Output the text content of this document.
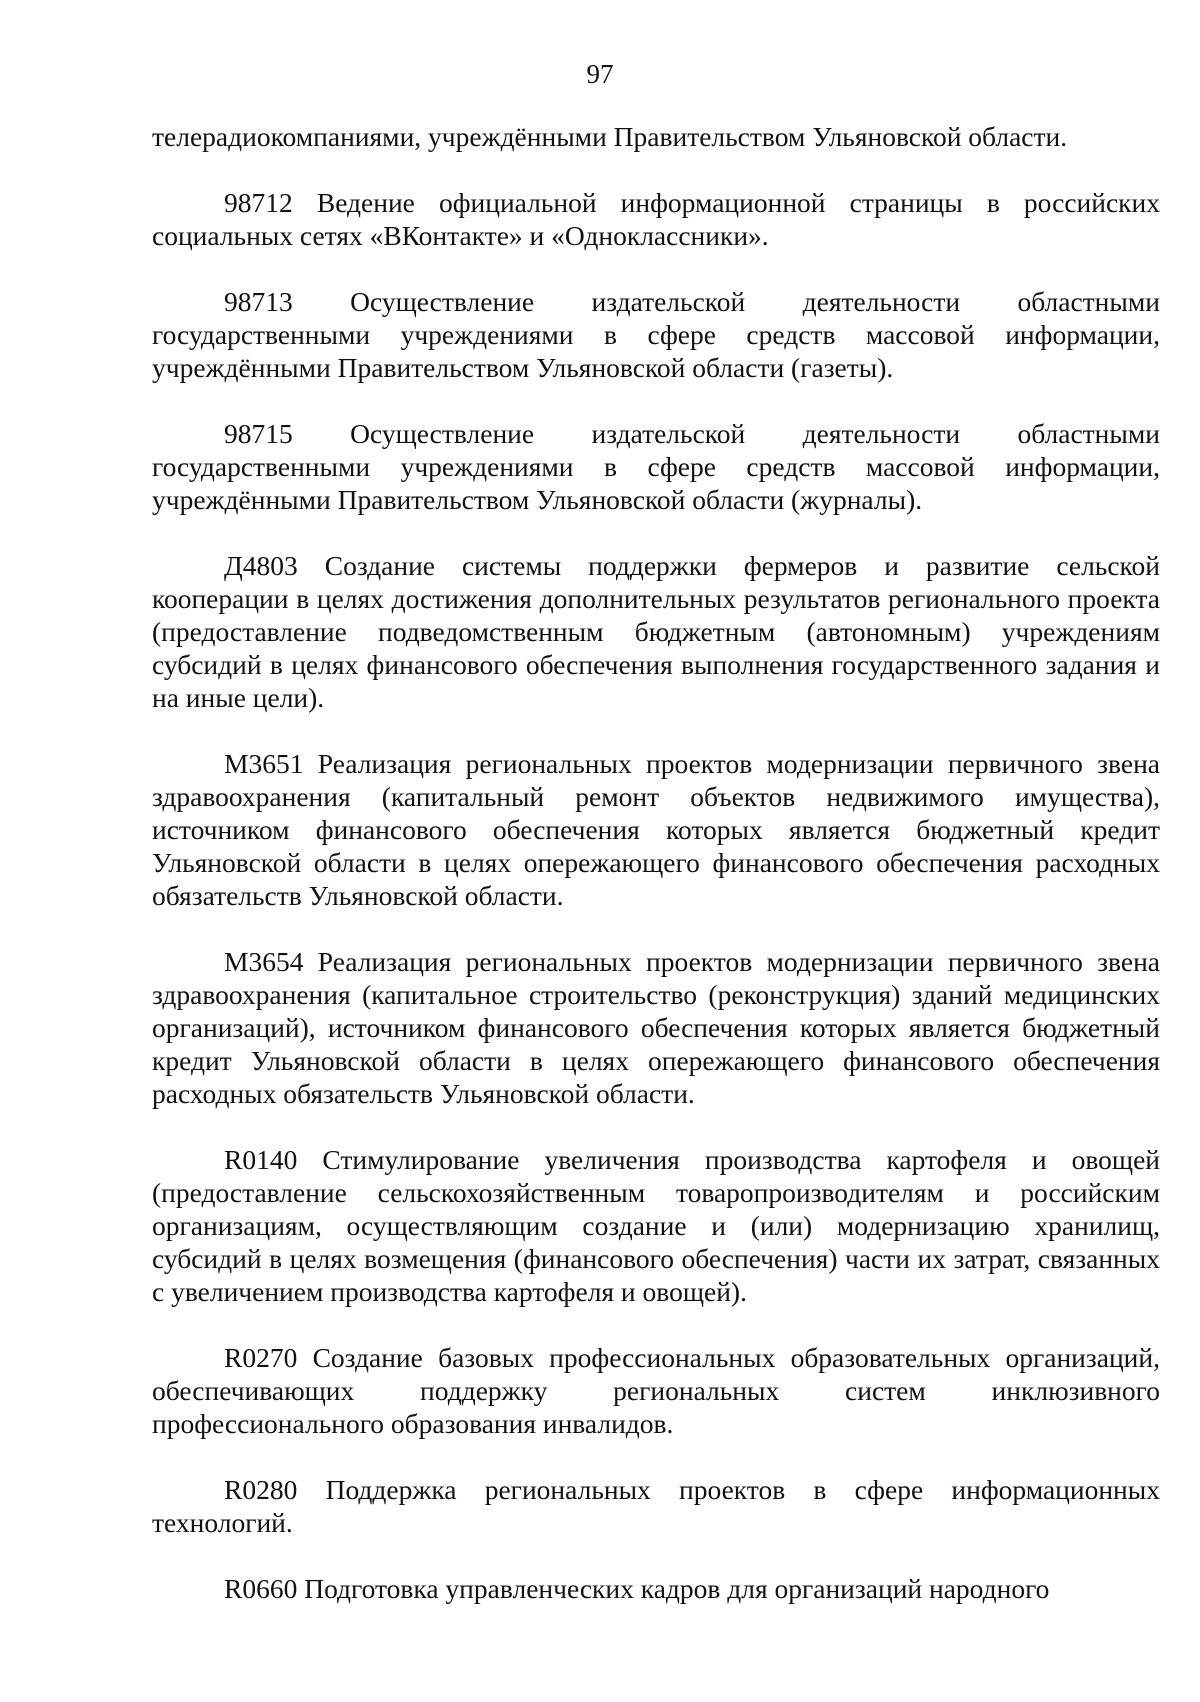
97

телерадиокомпаниями, учреждёнными Правительством Ульяновской области.

98712 Ведение официальной информационной страницы в российских социальных сетях «ВКонтакте» и «Одноклассники».

98713 Осуществление издательской деятельности областными государственными учреждениями в сфере средств массовой информации, учреждёнными Правительством Ульяновской области (газеты).

98715 Осуществление издательской деятельности областными государственными учреждениями в сфере средств массовой информации, учреждёнными Правительством Ульяновской области (журналы).

Д4803 Создание системы поддержки фермеров и развитие сельской кооперации в целях достижения дополнительных результатов регионального проекта (предоставление подведомственным бюджетным (автономным) учреждениям субсидий в целях финансового обеспечения выполнения государственного задания и на иные цели).

М3651 Реализация региональных проектов модернизации первичного звена здравоохранения (капитальный ремонт объектов недвижимого имущества), источником финансового обеспечения которых является бюджетный кредит Ульяновской области в целях опережающего финансового обеспечения расходных обязательств Ульяновской области.

М3654 Реализация региональных проектов модернизации первичного звена здравоохранения (капитальное строительство (реконструкция) зданий медицинских организаций), источником финансового обеспечения которых является бюджетный кредит Ульяновской области в целях опережающего финансового обеспечения расходных обязательств Ульяновской области.

R0140 Стимулирование увеличения производства картофеля и овощей (предоставление сельскохозяйственным товаропроизводителям и российским организациям, осуществляющим создание и (или) модернизацию хранилищ, субсидий в целях возмещения (финансового обеспечения) части их затрат, связанных с увеличением производства картофеля и овощей).

R0270 Создание базовых профессиональных образовательных организаций, обеспечивающих поддержку региональных систем инклюзивного профессионального образования инвалидов.

R0280 Поддержка региональных проектов в сфере информационных технологий.

R0660 Подготовка управленческих кадров для организаций народного
